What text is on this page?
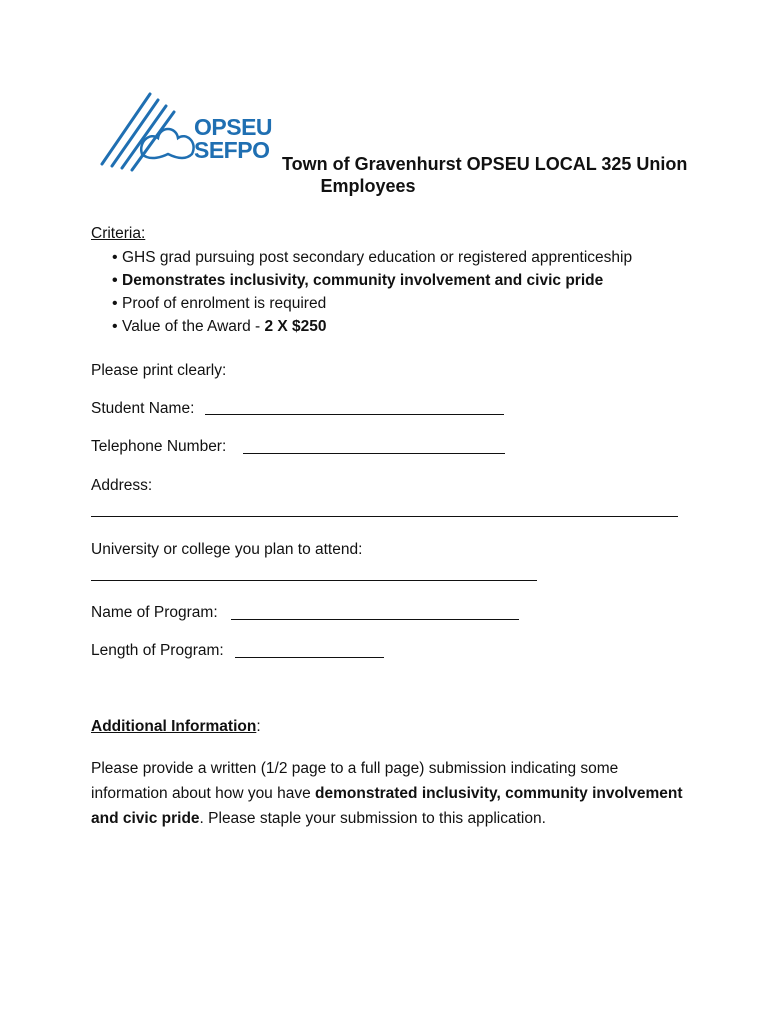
OPSEU
SEFPO
Town of Gravenhurst OPSEU LOCAL 325 Union
Employees
Criteria:
• GHS grad pursuing post secondary education or registered apprenticeship
• Demonstrates inclusivity, community involvement and civic pride
• Proof of enrolment is required
• Value of the Award - 2 X $250
Please print clearly:
Student Name:
Telephone Number:
Address:
University or college you plan to attend:
Name of Program:
Length of Program:
Additional Information:
Please provide a written (1/2 page to a full page) submission indicating some information about how you have demonstrated inclusivity, community involvement and civic pride. Please staple your submission to this application.
